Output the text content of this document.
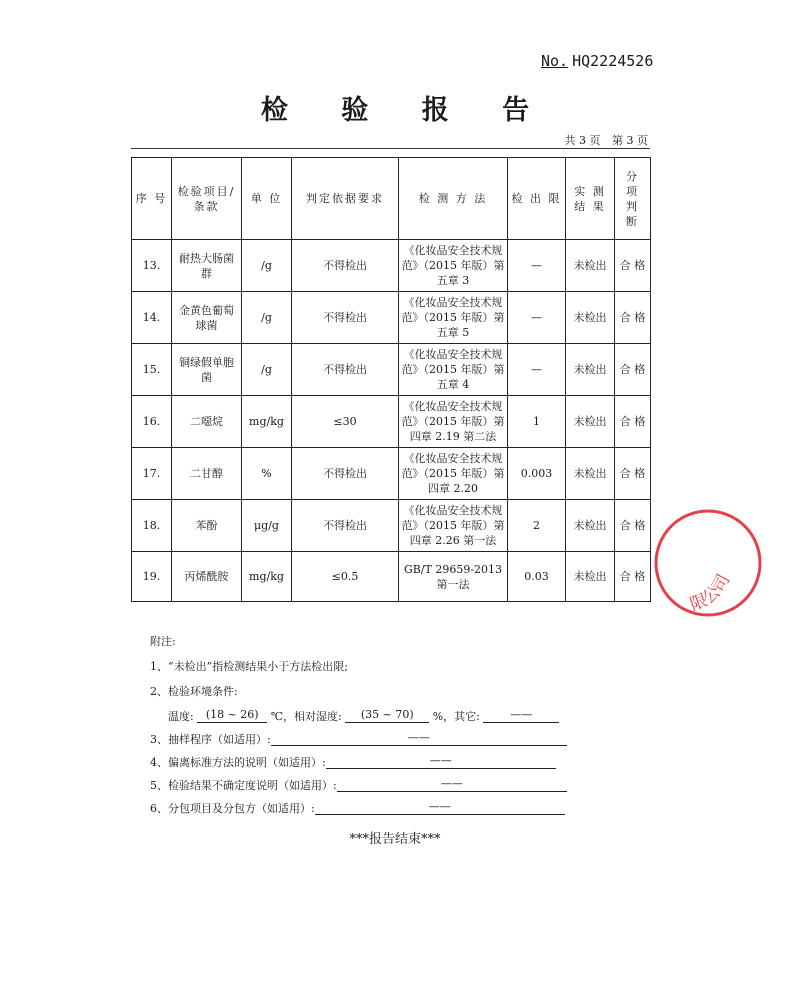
No. HQ2224526
检 验 报 告
共 3 页 第 3 页
序 号	检验项目/条款	单 位	判定依据要求	检 测 方 法	检 出 限	实 测 结 果	分 项 判 断
13.	耐热大肠菌群	/g	不得检出	《化妆品安全技术规范》（2015 年版）第五章 3	—	未检出	合 格
14.	金黄色葡萄球菌	/g	不得检出	《化妆品安全技术规范》（2015 年版）第五章 5	—	未检出	合 格
15.	铜绿假单胞菌	/g	不得检出	《化妆品安全技术规范》（2015 年版）第五章 4	—	未检出	合 格
16.	二噁烷	mg/kg	≤30	《化妆品安全技术规范》（2015 年版）第四章 2.19 第二法	1	未检出	合 格
17.	二甘醇	%	不得检出	《化妆品安全技术规范》（2015 年版）第四章 2.20	0.003	未检出	合 格
18.	苯酚	μg/g	不得检出	《化妆品安全技术规范》（2015 年版）第四章 2.26 第一法	2	未检出	合 格
19.	丙烯酰胺	mg/kg	≤0.5	GB/T 29659-2013 第一法	0.03	未检出	合 格
附注:
1、“未检出”指检测结果小于方法检出限;
2、检验环境条件:
温度: (18 ~ 26) ℃，相对湿度: (35 ~ 70) %，其它:	——
3、抽样程序（如适用）:	——
4、偏离标准方法的说明（如适用）:	——
5、检验结果不确定度说明（如适用）:	——
6、分包项目及分包方（如适用）:	——
***报告结束***
限公司
